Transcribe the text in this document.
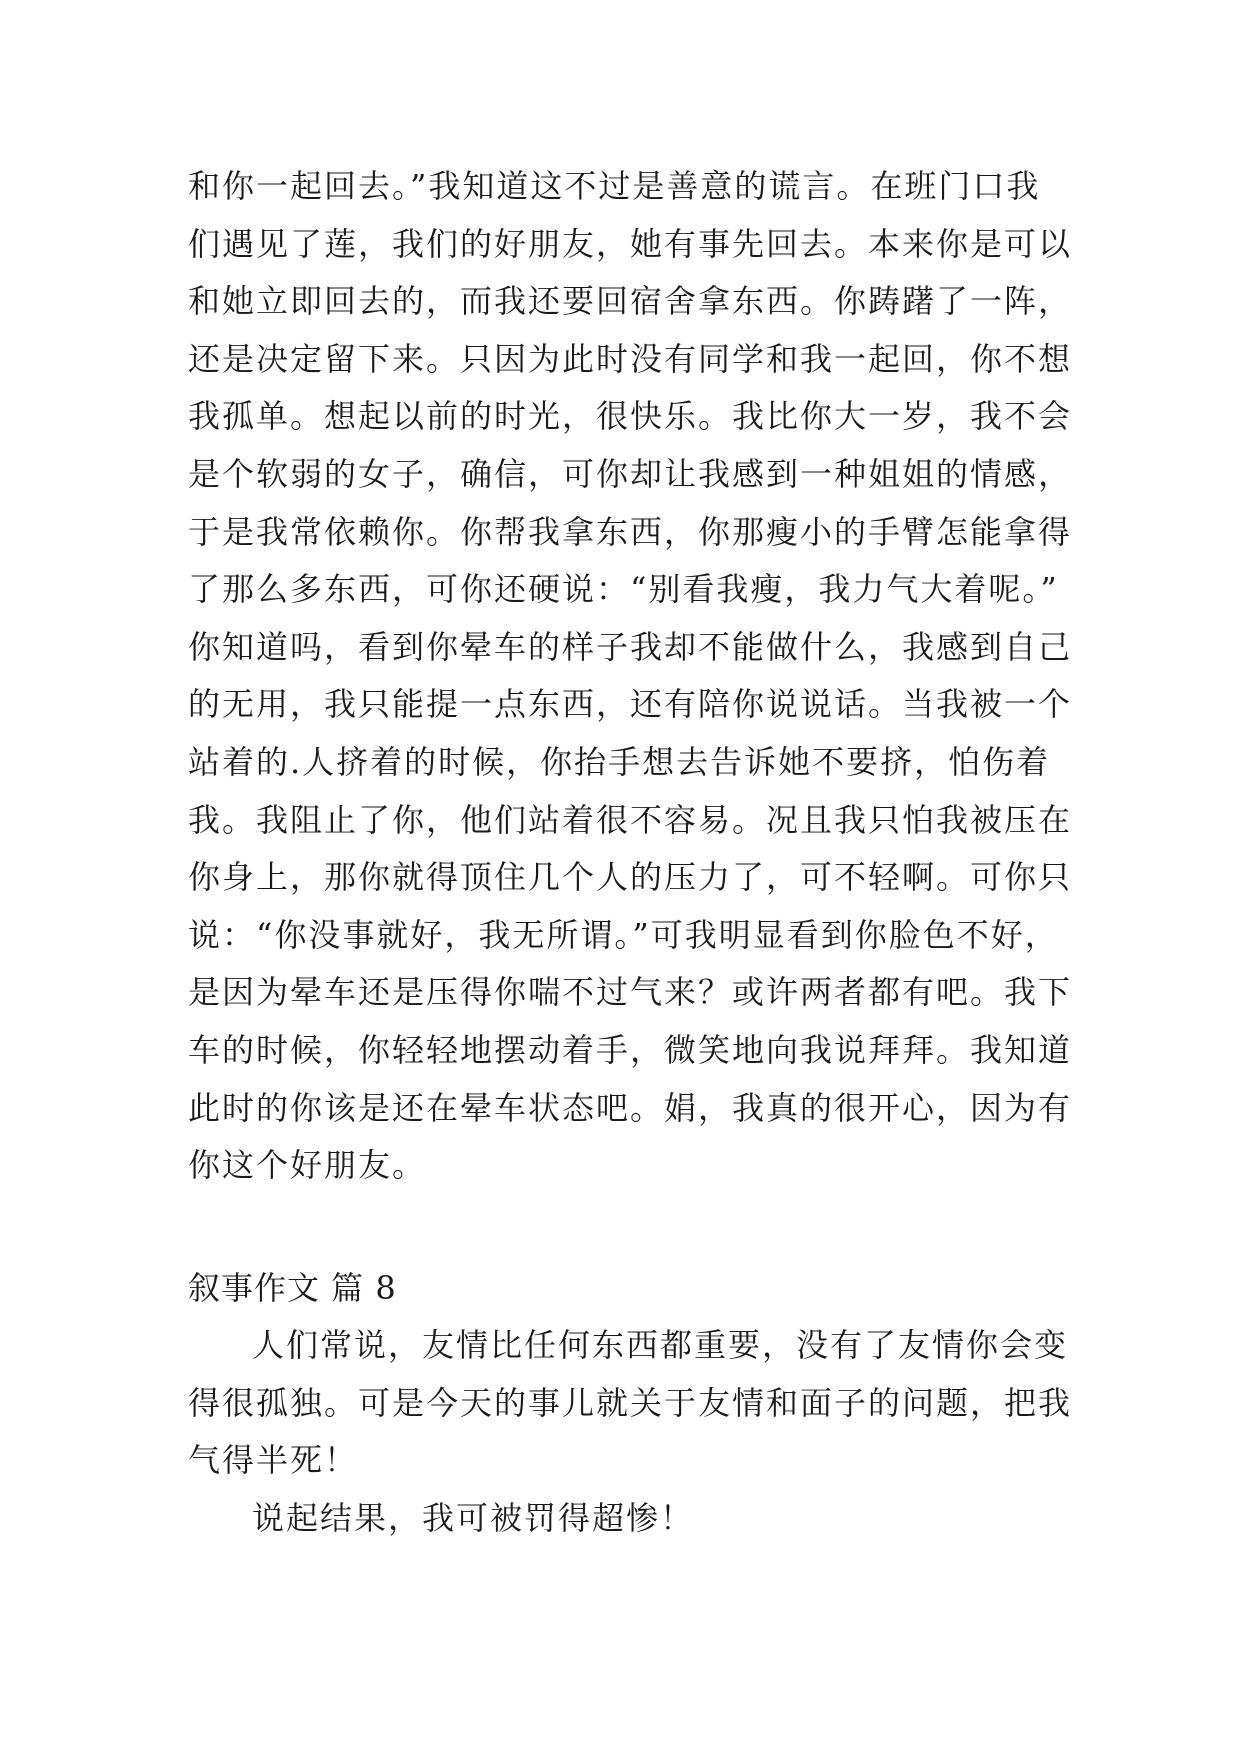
和你一起回去。”我知道这不过是善意的谎言。在班门口我
们遇见了莲，我们的好朋友，她有事先回去。本来你是可以
和她立即回去的，而我还要回宿舍拿东西。你踌躇了一阵，
还是决定留下来。只因为此时没有同学和我一起回，你不想
我孤单。想起以前的时光，很快乐。我比你大一岁，我不会
是个软弱的女子，确信，可你却让我感到一种姐姐的情感，
于是我常依赖你。你帮我拿东西，你那瘦小的手臂怎能拿得
了那么多东西，可你还硬说：“别看我瘦，我力气大着呢。”
你知道吗，看到你晕车的样子我却不能做什么，我感到自己
的无用，我只能提一点东西，还有陪你说说话。当我被一个
站着的.人挤着的时候，你抬手想去告诉她不要挤，怕伤着
我。我阻止了你，他们站着很不容易。况且我只怕我被压在
你身上，那你就得顶住几个人的压力了，可不轻啊。可你只
说：“你没事就好，我无所谓。”可我明显看到你脸色不好，
是因为晕车还是压得你喘不过气来？或许两者都有吧。我下
车的时候，你轻轻地摆动着手，微笑地向我说拜拜。我知道
此时的你该是还在晕车状态吧。娟，我真的很开心，因为有
你这个好朋友。
叙事作文 篇 8
人们常说，友情比任何东西都重要，没有了友情你会变
得很孤独。可是今天的事儿就关于友情和面子的问题，把我
气得半死！
说起结果，我可被罚得超惨！
